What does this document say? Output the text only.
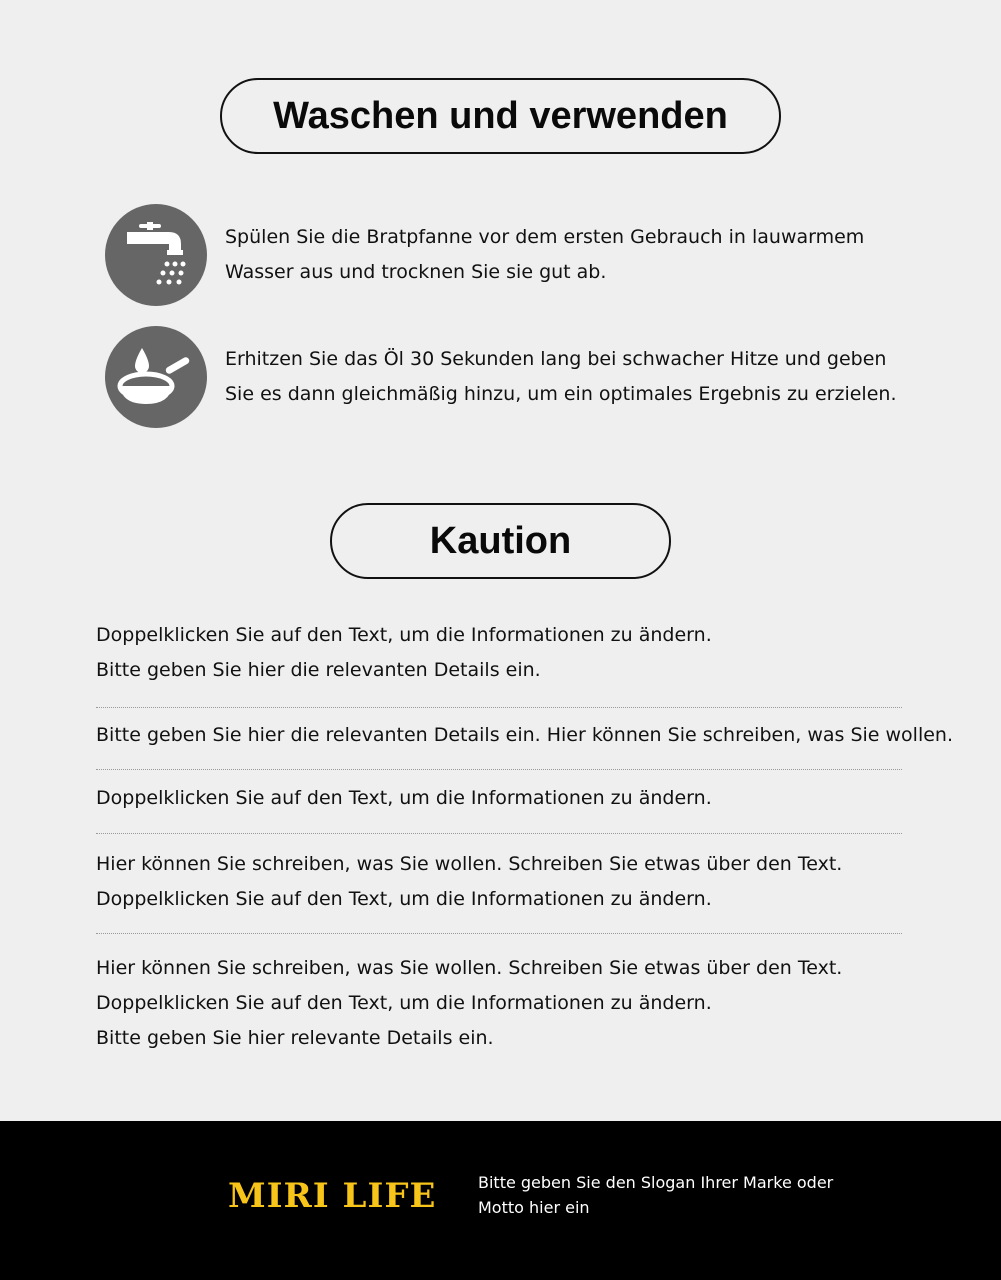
Waschen und verwenden
Spülen Sie die Bratpfanne vor dem ersten Gebrauch in lauwarmem
Wasser aus und trocknen Sie sie gut ab.
Erhitzen Sie das Öl 30 Sekunden lang bei schwacher Hitze und geben
Sie es dann gleichmäßig hinzu, um ein optimales Ergebnis zu erzielen.
Kaution
Doppelklicken Sie auf den Text, um die Informationen zu ändern.
Bitte geben Sie hier die relevanten Details ein.
Bitte geben Sie hier die relevanten Details ein. Hier können Sie schreiben, was Sie wollen.
Doppelklicken Sie auf den Text, um die Informationen zu ändern.
Hier können Sie schreiben, was Sie wollen. Schreiben Sie etwas über den Text.
Doppelklicken Sie auf den Text, um die Informationen zu ändern.
Hier können Sie schreiben, was Sie wollen. Schreiben Sie etwas über den Text.
Doppelklicken Sie auf den Text, um die Informationen zu ändern.
Bitte geben Sie hier relevante Details ein.
MIRI LIFE	Bitte geben Sie den Slogan Ihrer Marke oder Motto hier ein
